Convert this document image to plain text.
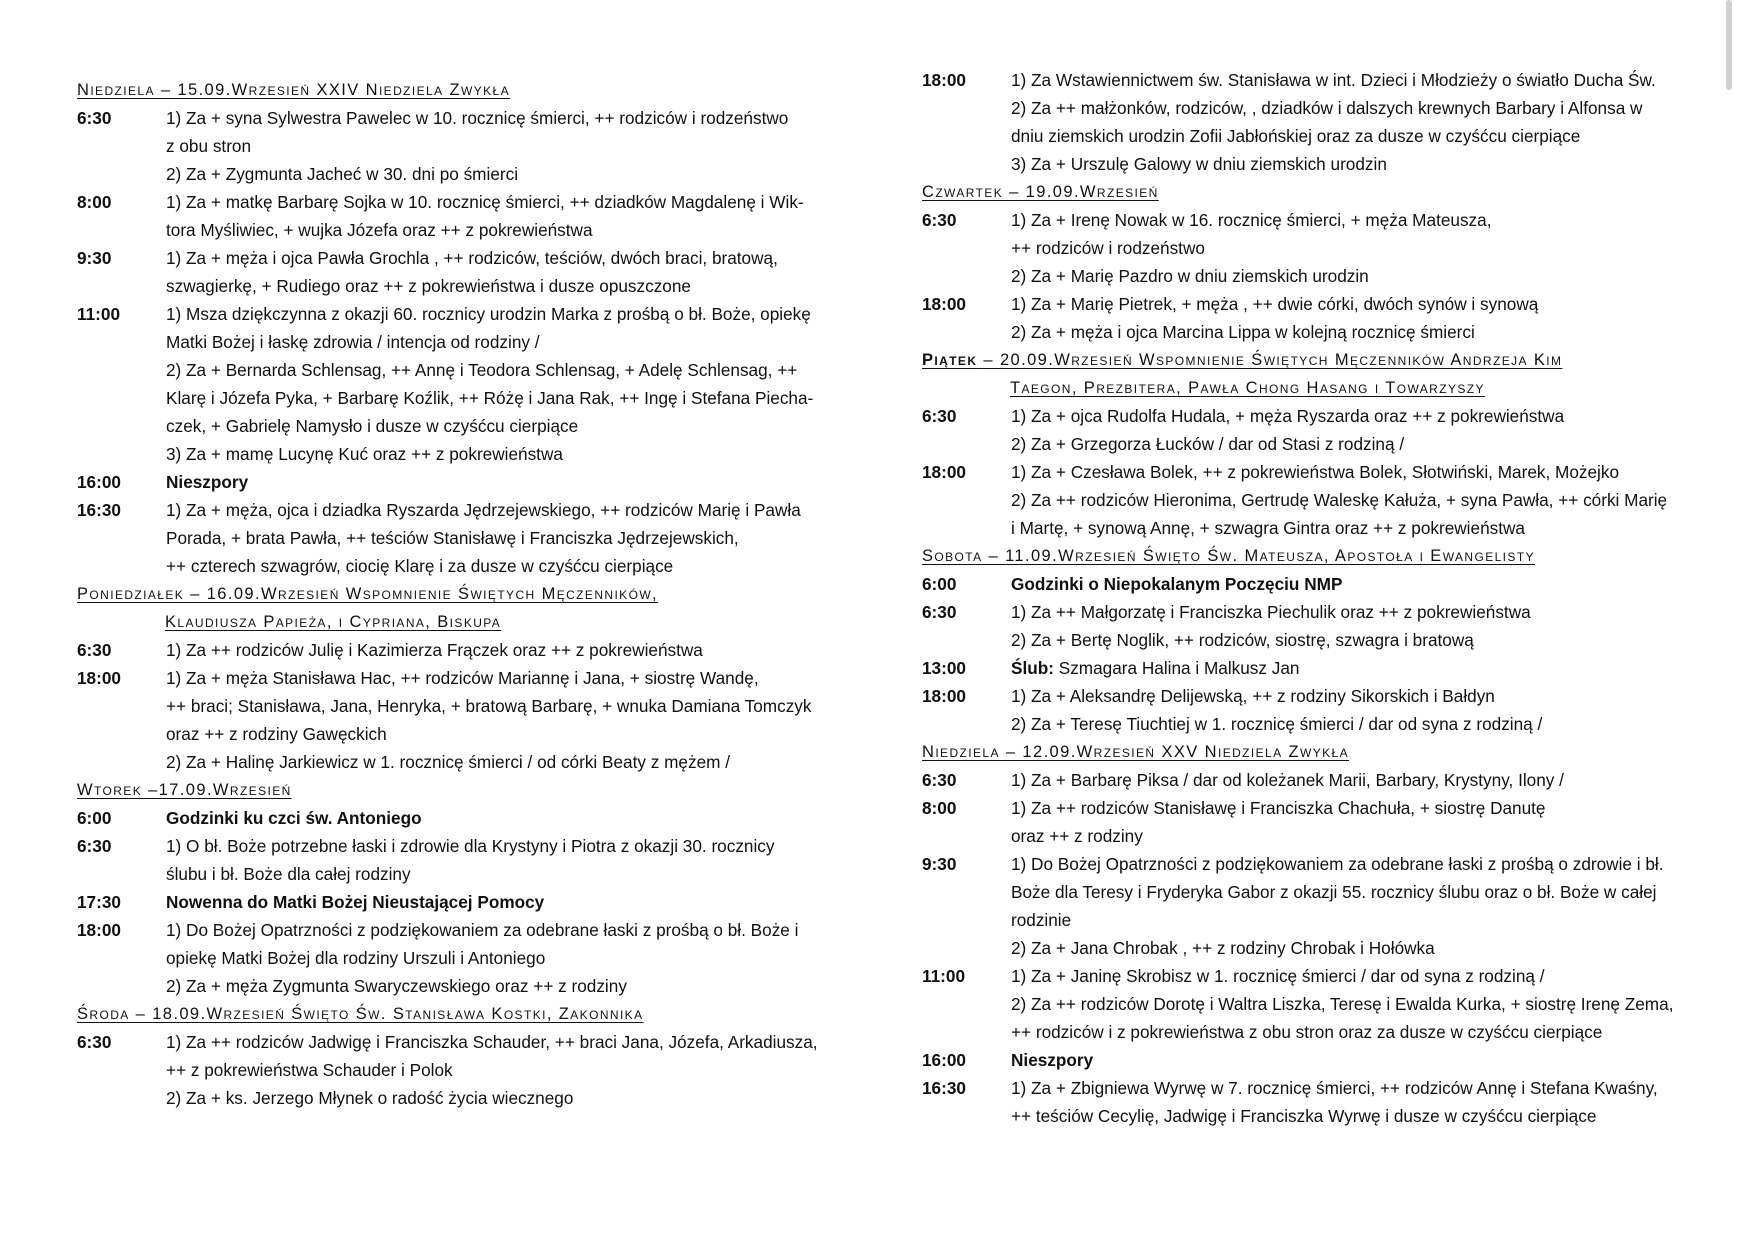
Niedziela – 15.09.Wrzesień XXIV Niedziela Zwykła
6:30	1) Za + syna Sylwestra Pawelec w 10. rocznicę śmierci, ++ rodziców i rodzeństwo
z obu stron
2) Za + Zygmunta Jacheć w 30. dni po śmierci
8:00	1) Za + matkę Barbarę Sojka w 10. rocznicę śmierci, ++ dziadków Magdalenę i Wik-
tora Myśliwiec, + wujka Józefa oraz ++ z pokrewieństwa
9:30	1) Za + męża i ojca Pawła Grochla , ++ rodziców, teściów, dwóch braci, bratową,
szwagierkę, + Rudiego oraz ++ z pokrewieństwa i dusze opuszczone
11:00	1) Msza dziękczynna z okazji 60. rocznicy urodzin Marka z prośbą o bł. Boże, opiekę
Matki Bożej i łaskę zdrowia / intencja od rodziny /
2) Za + Bernarda Schlensag, ++ Annę i Teodora Schlensag, + Adelę Schlensag, ++
Klarę i Józefa Pyka, + Barbarę Koźlik, ++ Różę i Jana Rak, ++ Ingę i Stefana Piecha-
czek, + Gabrielę Namysło i dusze w czyśćcu cierpiące
3) Za + mamę Lucynę Kuć oraz ++ z pokrewieństwa
16:00	Nieszpory
16:30	1) Za + męża, ojca i dziadka Ryszarda Jędrzejewskiego, ++ rodziców Marię i Pawła
Porada, + brata Pawła, ++ teściów Stanisławę i Franciszka Jędrzejewskich,
++ czterech szwagrów, ciocię Klarę i za dusze w czyśćcu cierpiące
Poniedziałek – 16.09.Wrzesień Wspomnienie Świętych Męczenników,
Klaudiusza Papieża, i Cypriana, Biskupa
6:30	1) Za ++ rodziców Julię i Kazimierza Frączek oraz ++ z pokrewieństwa
18:00	1) Za + męża Stanisława Hac, ++ rodziców Mariannę i Jana, + siostrę Wandę,
++ braci; Stanisława, Jana, Henryka, + bratową Barbarę, + wnuka Damiana Tomczyk
oraz ++ z rodziny Gawęckich
2) Za + Halinę Jarkiewicz w 1. rocznicę śmierci / od córki Beaty z mężem /
Wtorek –17.09.Wrzesień
6:00	Godzinki ku czci św. Antoniego
6:30	1) O bł. Boże potrzebne łaski i zdrowie dla Krystyny i Piotra z okazji 30. rocznicy
ślubu i bł. Boże dla całej rodziny
17:30	Nowenna do Matki Bożej Nieustającej Pomocy
18:00	1) Do Bożej Opatrzności z podziękowaniem za odebrane łaski z prośbą o bł. Boże i
opiekę Matki Bożej dla rodziny Urszuli i Antoniego
2) Za + męża Zygmunta Swaryczewskiego oraz ++ z rodziny
Środa – 18.09.Wrzesień Święto Św. Stanisława Kostki, Zakonnika
6:30	1) Za ++ rodziców Jadwigę i Franciszka Schauder, ++ braci Jana, Józefa, Arkadiusza,
++ z pokrewieństwa Schauder i Polok
2) Za + ks. Jerzego Młynek o radość życia wiecznego
18:00	1) Za Wstawiennictwem św. Stanisława w int. Dzieci i Młodzieży o światło Ducha Św.
2) Za ++ małżonków, rodziców, , dziadków i dalszych krewnych Barbary i Alfonsa w
dniu ziemskich urodzin Zofii Jabłońskiej oraz za dusze w czyśćcu cierpiące
3) Za + Urszulę Galowy w dniu ziemskich urodzin
Czwartek – 19.09.Wrzesień
6:30	1) Za + Irenę Nowak w 16. rocznicę śmierci, + męża Mateusza,
++ rodziców i rodzeństwo
2) Za + Marię Pazdro w dniu ziemskich urodzin
18:00	1) Za + Marię Pietrek, + męża , ++ dwie córki, dwóch synów i synową
2) Za + męża i ojca Marcina Lippa w kolejną rocznicę śmierci
Piątek – 20.09.Wrzesień Wspomnienie Świętych Męczenników Andrzeja Kim
Taegon, Prezbitera, Pawła Chong Hasang i Towarzyszy
6:30	1) Za + ojca Rudolfa Hudala, + męża Ryszarda oraz ++ z pokrewieństwa
2) Za + Grzegorza Łucków / dar od Stasi z rodziną /
18:00	1) Za + Czesława Bolek, ++ z pokrewieństwa Bolek, Słotwiński, Marek, Możejko
2) Za ++ rodziców Hieronima, Gertrudę Waleskę Kałuża, + syna Pawła, ++ córki Marię
i Martę, + synową Annę, + szwagra Gintra oraz ++ z pokrewieństwa
Sobota – 11.09.Wrzesień Święto Św. Mateusza, Apostoła i Ewangelisty
6:00	Godzinki o Niepokalanym Poczęciu NMP
6:30	1) Za ++ Małgorzatę i Franciszka Piechulik oraz ++ z pokrewieństwa
2) Za + Bertę Noglik, ++ rodziców, siostrę, szwagra i bratową
13:00	Ślub: Szmagara Halina i Malkusz Jan
18:00	1) Za + Aleksandrę Delijewską, ++ z rodziny Sikorskich i Bałdyn
2) Za + Teresę Tiuchtiej w 1. rocznicę śmierci / dar od syna z rodziną /
Niedziela – 12.09.Wrzesień XXV Niedziela Zwykła
6:30	1) Za + Barbarę Piksa / dar od koleżanek Marii, Barbary, Krystyny, Ilony /
8:00	1) Za ++ rodziców Stanisławę i Franciszka Chachuła, + siostrę Danutę
oraz ++ z rodziny
9:30	1) Do Bożej Opatrzności z podziękowaniem za odebrane łaski z prośbą o zdrowie i bł.
Boże dla Teresy i Fryderyka Gabor z okazji 55. rocznicy ślubu oraz o bł. Boże w całej
rodzinie
2) Za + Jana Chrobak , ++ z rodziny Chrobak i Hołówka
11:00	1) Za + Janinę Skrobisz w 1. rocznicę śmierci / dar od syna z rodziną /
2) Za ++ rodziców Dorotę i Waltra Liszka, Teresę i Ewalda Kurka, + siostrę Irenę Zema,
++ rodziców i z pokrewieństwa z obu stron oraz za dusze w czyśćcu cierpiące
16:00	Nieszpory
16:30	1) Za + Zbigniewa Wyrwę w 7. rocznicę śmierci, ++ rodziców Annę i Stefana Kwaśny,
++ teściów Cecylię, Jadwigę i Franciszka Wyrwę i dusze w czyśćcu cierpiące
